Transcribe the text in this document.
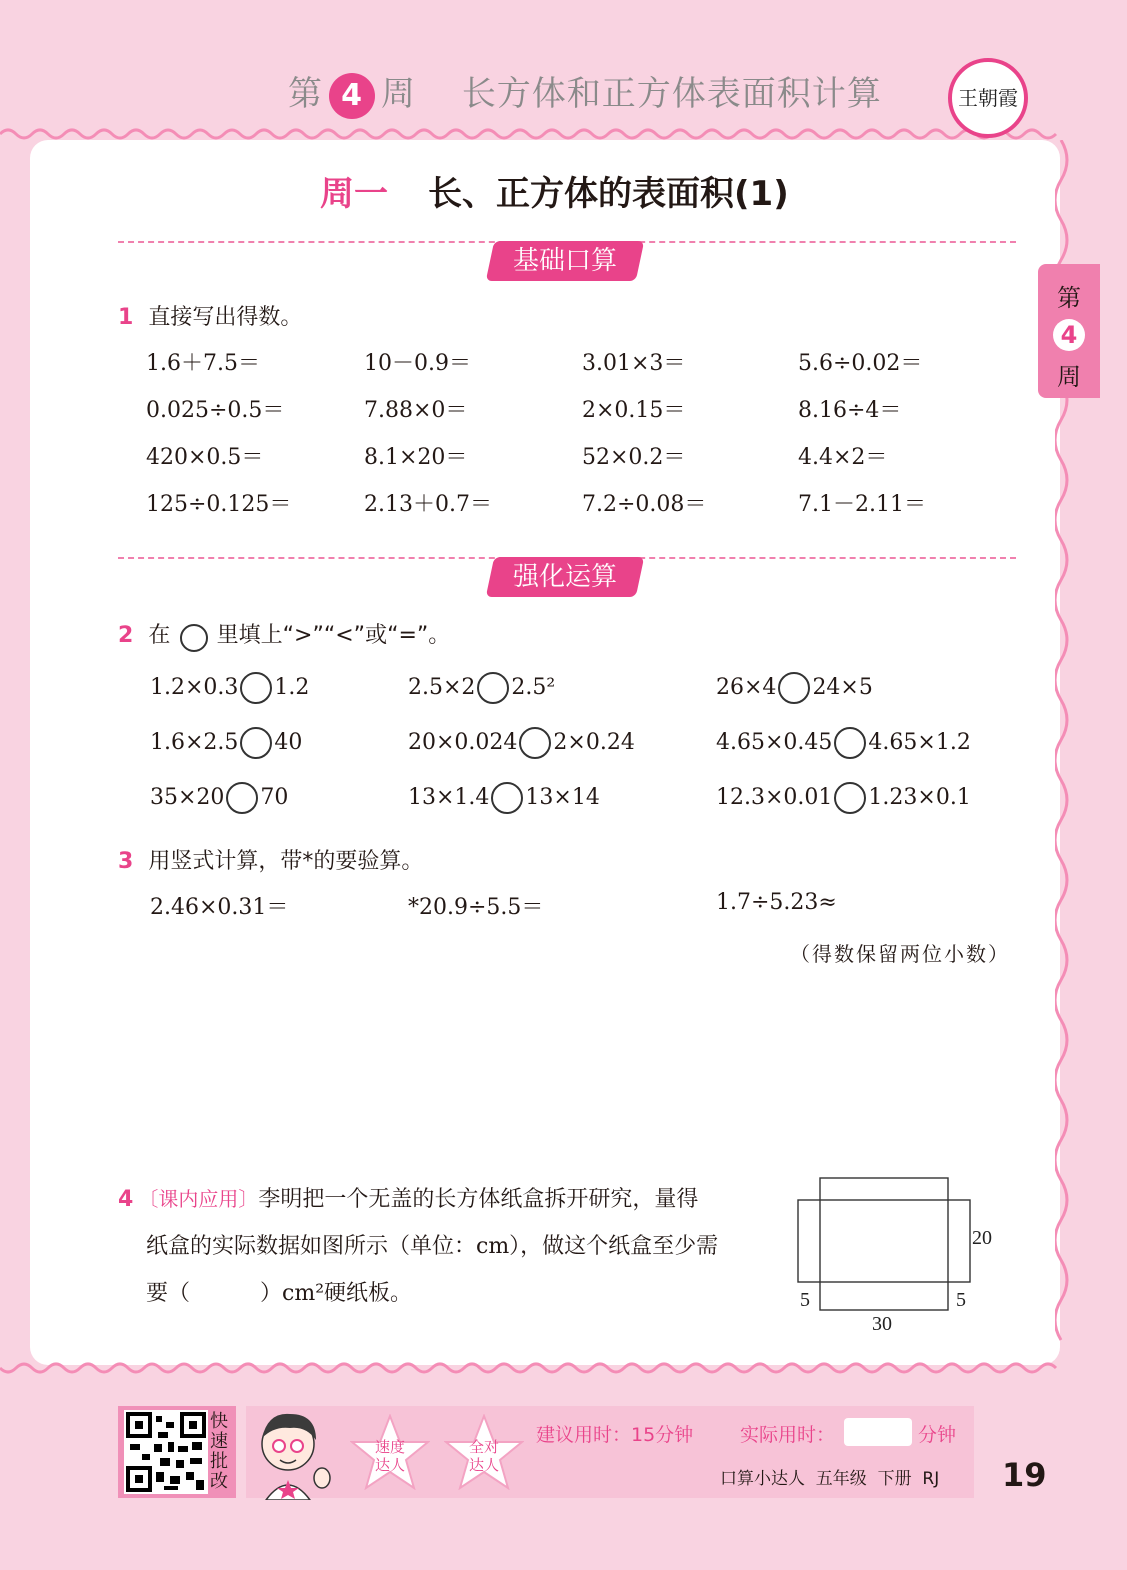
第 4 周 长方体和正方体表面积计算	王朝霞
第
4
周
周一 长、正方体的表面积(1)
基础口算
1 直接写出得数。
1.6＋7.5＝	10－0.9＝	3.01×3＝	5.6÷0.02＝
0.025÷0.5＝	7.88×0＝	2×0.15＝	8.16÷4＝
420×0.5＝	8.1×20＝	52×0.2＝	4.4×2＝
125÷0.125＝	2.13＋0.7＝	7.2÷0.08＝	7.1－2.11＝
强化运算
2 在 里填上“>”“<”或“=”。
1.2×0.3 1.2	2.5×2 2.5²	26×4 24×5
1.6×2.5 40	20×0.024 2×0.24	4.65×0.45 4.65×1.2
35×20 70	13×1.4 13×14	12.3×0.01 1.23×0.1
3 用竖式计算，带*的要验算。
2.46×0.31＝	*20.9÷5.5＝	1.7÷5.23≈
（得数保留两位小数）
4 〔课内应用〕李明把一个无盖的长方体纸盒拆开研究，量得
纸盒的实际数据如图所示（单位：cm），做这个纸盒至少需
要（	）cm²硬纸板。
20
5	5
30
快速批改
速度达人
全对达人
建议用时：15分钟 实际用时：	分钟
口算小达人  五年级  下册  RJ 19
